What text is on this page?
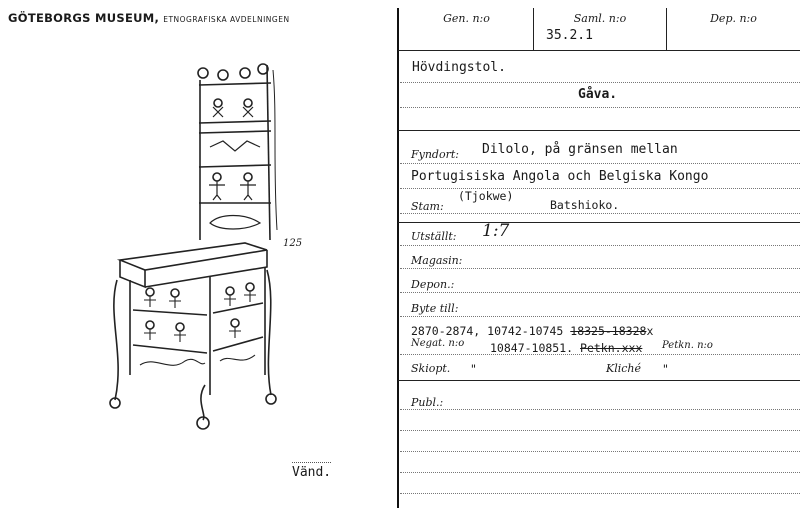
GÖTEBORGS MUSEUM, ETNOGRAFISKA AVDELNINGEN
125
Vänd.
Gen. n:o	Saml. n:o
35.2.1
Dep. n:o
Hövdingstol.
Gåva.
Fyndort: Dilolo, på gränsen mellan
Portugisiska Angola och Belgiska Kongo
Stam:
(Tjokwe)
Batshioko.
Utställt: 1:7
Magasin:
Depon.:
Byte till:
2870-2874, 10742-10745 18325-18328x
Negat. n:o 10847-10851. Petkn.xxx Petkn. n:o
Skiopt. "	Kliché "
Publ.:
